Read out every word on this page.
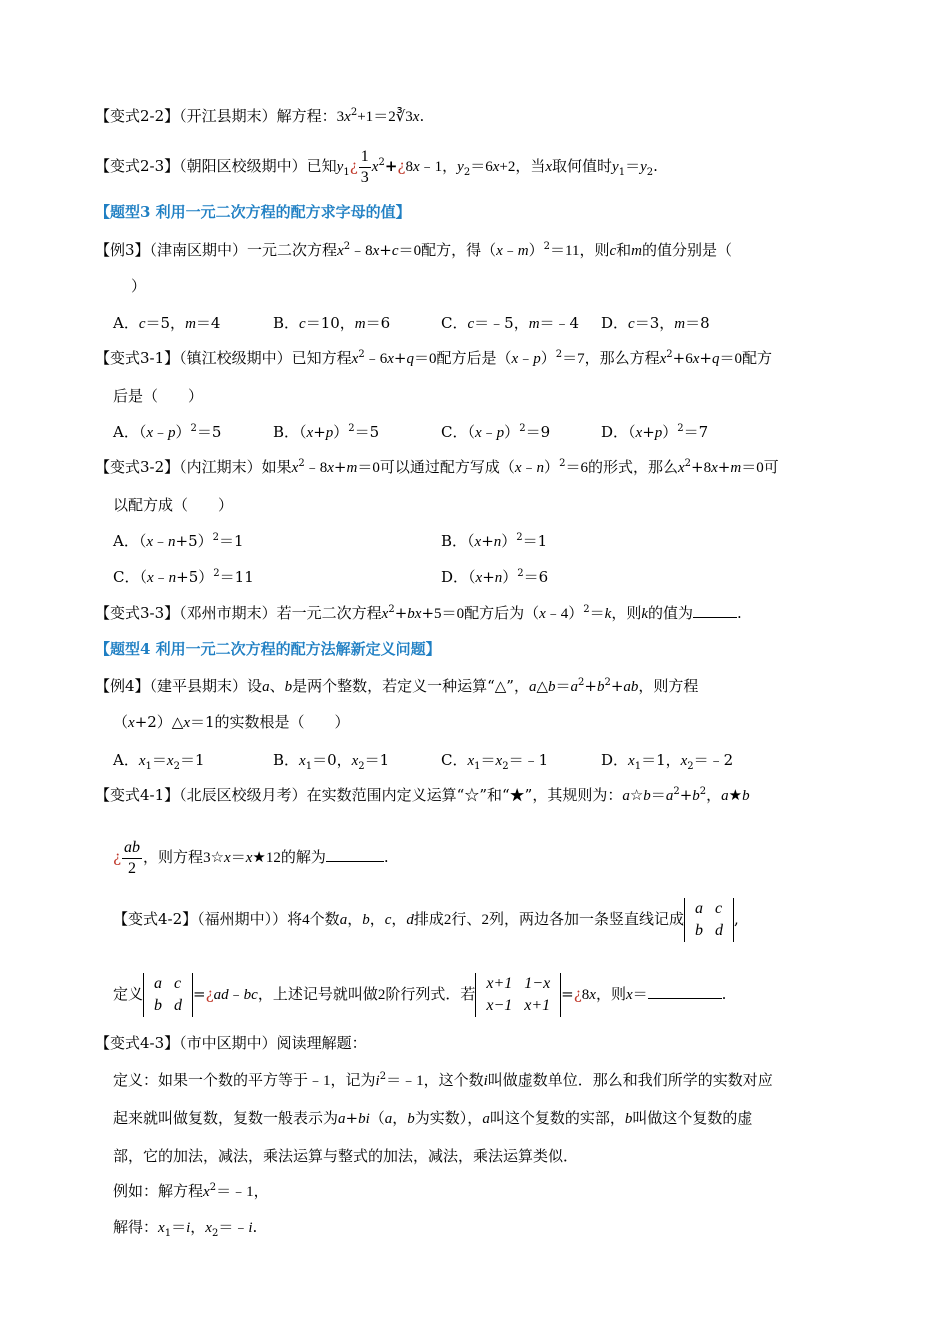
【变式2-2】（开江县期末）解方程：$3x^2+1=2∛3x$.
【变式2-3】（朝阳区校级期中）已知$y_1¿ \frac{1}{3}$ $x^2+¿8x﹣1$，$y_2=6x+2$，当x取何值时$y_1=y_2$.
【题型3 利用一元二次方程的配方求字母的值】
【例3】（津南区期中）一元二次方程$x^2﹣8x+c=0$配方，得（x﹣m）$^2$＝11，则c和m的值分别是（
）
A．c＝5，m＝4	B．c＝10，m＝6	C．c＝﹣5，m＝﹣4 D．c＝3，m＝8
【变式3-1】（镇江校级期中）已知方程$x^2﹣6x+q=0$配方后是（x﹣p）$^2$＝7，那么方程$x^2+6x+q=0$配方
后是（　　）
A．（x﹣p）$^2$＝5	B．$(x+p)^2=5$	C．（x﹣p）$^2$＝9	D．$(x+p)^2=7$
【变式3-2】（内江期末）如果$x^2﹣8x+m=0$可以通过配方写成（x﹣n）$^2$＝6的形式，那么$x^2+8x+m=0$可
以配方成（　　）
A．（x﹣n+5）$^2$＝1	B．$(x+n)^2=1$
C．（x﹣n+5）$^2$＝11	D．$(x+n)^2=6$
【变式3-3】（邓州市期末）若一元二次方程$x^2+bx+5=0$配方后为（x﹣4）$^2$＝k，则k的值为	.
【题型4 利用一元二次方程的配方法解新定义问题】
【例4】（建平县期末）设a、b是两个整数，若定义一种运算“△”，$a\triangle b=a^2+b^2+ab$，则方程
（x+2）△x＝1的实数根是（　　）
A．$x_1=x_2=1$	B．$x_1=0$，$x_2=1$	C．$x_1=x_2=﹣1$	D．$x_1=1$，$x_2=﹣2$
【变式4-1】（北辰区校级月考）在实数范围内定义运算“☆”和“★”，其规则为：$a☆b=a^2+b^2$，a★b
¿ $\frac{ab}{2}$ ，则方程3☆x＝x★12的解为	.
【变式4-2】（福州期中））将4个数a，b，c，d排成2行、2列，两边各加一条竖直线记成
a	c
b	d
,
定义
a	c
b	d
=¿ad﹣bc，上述记号就叫做2阶行列式．若
x+1	1−x
x−1	x+1
=¿8x，则x＝	.
【变式4-3】（市中区期中）阅读理解题：
定义：如果一个数的平方等于﹣1，记为$i^2=﹣1$，这个数i叫做虚数单位．那么和我们所学的实数对应
起来就叫做复数，复数一般表示为a+bi（a，b为实数），a叫这个复数的实部，b叫做这个复数的虚
部，它的加法，减法，乘法运算与整式的加法，减法，乘法运算类似．
例如：解方程$x^2=﹣1$，
解得：$x_1=i$，$x_2=﹣i$.
